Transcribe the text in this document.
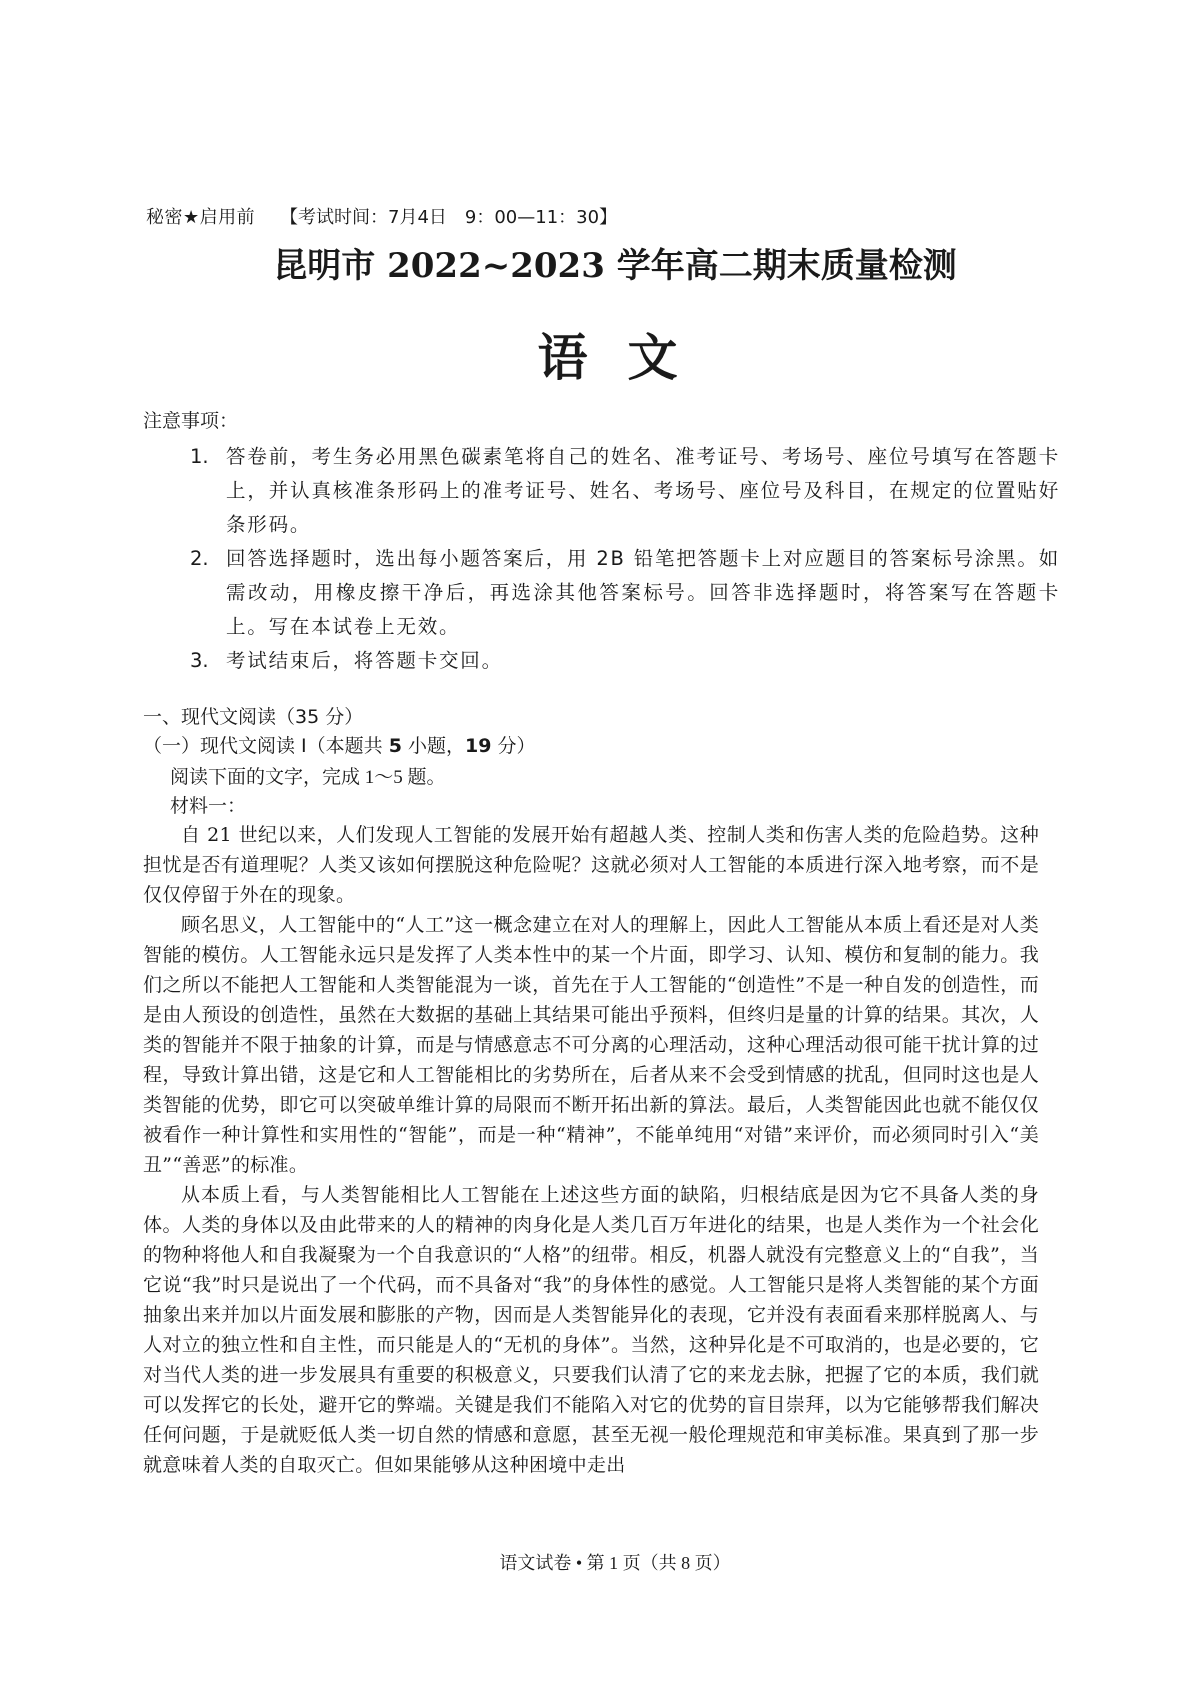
秘密★启用前 【考试时间：7月4日　9：00—11：30】
昆明市 2022~2023 学年高二期末质量检测
语文
注意事项：
1. 答卷前，考生务必用黑色碳素笔将自己的姓名、准考证号、考场号、座位号填写在答题卡上，并认真核准条形码上的准考证号、姓名、考场号、座位号及科目，在规定的位置贴好条形码。
2. 回答选择题时，选出每小题答案后，用 2B 铅笔把答题卡上对应题目的答案标号涂黑。如需改动，用橡皮擦干净后，再选涂其他答案标号。回答非选择题时，将答案写在答题卡上。写在本试卷上无效。
3. 考试结束后，将答题卡交回。
一、现代文阅读（35 分）
（一）现代文阅读 I（本题共 5 小题，19 分）
阅读下面的文字，完成 1～5 题。
材料一：

自 21 世纪以来，人们发现人工智能的发展开始有超越人类、控制人类和伤害人类的危险趋势。这种担忧是否有道理呢？人类又该如何摆脱这种危险呢？这就必须对人工智能的本质进行深入地考察，而不是仅仅停留于外在的现象。

顾名思义，人工智能中的“人工”这一概念建立在对人的理解上，因此人工智能从本质上看还是对人类智能的模仿。人工智能永远只是发挥了人类本性中的某一个片面，即学习、认知、模仿和复制的能力。我们之所以不能把人工智能和人类智能混为一谈，首先在于人工智能的“创造性”不是一种自发的创造性，而是由人预设的创造性，虽然在大数据的基础上其结果可能出乎预料，但终归是量的计算的结果。其次，人类的智能并不限于抽象的计算，而是与情感意志不可分离的心理活动，这种心理活动很可能干扰计算的过程，导致计算出错，这是它和人工智能相比的劣势所在，后者从来不会受到情感的扰乱，但同时这也是人类智能的优势，即它可以突破单维计算的局限而不断开拓出新的算法。最后，人类智能因此也就不能仅仅被看作一种计算性和实用性的“智能”，而是一种“精神”，不能单纯用“对错”来评价，而必须同时引入“美丑”“善恶”的标准。

从本质上看，与人类智能相比人工智能在上述这些方面的缺陷，归根结底是因为它不具备人类的身体。人类的身体以及由此带来的人的精神的肉身化是人类几百万年进化的结果，也是人类作为一个社会化的物种将他人和自我凝聚为一个自我意识的“人格”的纽带。相反，机器人就没有完整意义上的“自我”，当它说“我”时只是说出了一个代码，而不具备对“我”的身体性的感觉。人工智能只是将人类智能的某个方面抽象出来并加以片面发展和膨胀的产物，因而是人类智能异化的表现，它并没有表面看来那样脱离人、与人对立的独立性和自主性，而只能是人的“无机的身体”。当然，这种异化是不可取消的，也是必要的，它对当代人类的进一步发展具有重要的积极意义，只要我们认清了它的来龙去脉，把握了它的本质，我们就可以发挥它的长处，避开它的弊端。关键是我们不能陷入对它的优势的盲目崇拜，以为它能够帮我们解决任何问题，于是就贬低人类一切自然的情感和意愿，甚至无视一般伦理规范和审美标准。果真到了那一步就意味着人类的自取灭亡。但如果能够从这种困境中走出

语文试卷 • 第 1 页（共 8 页）
